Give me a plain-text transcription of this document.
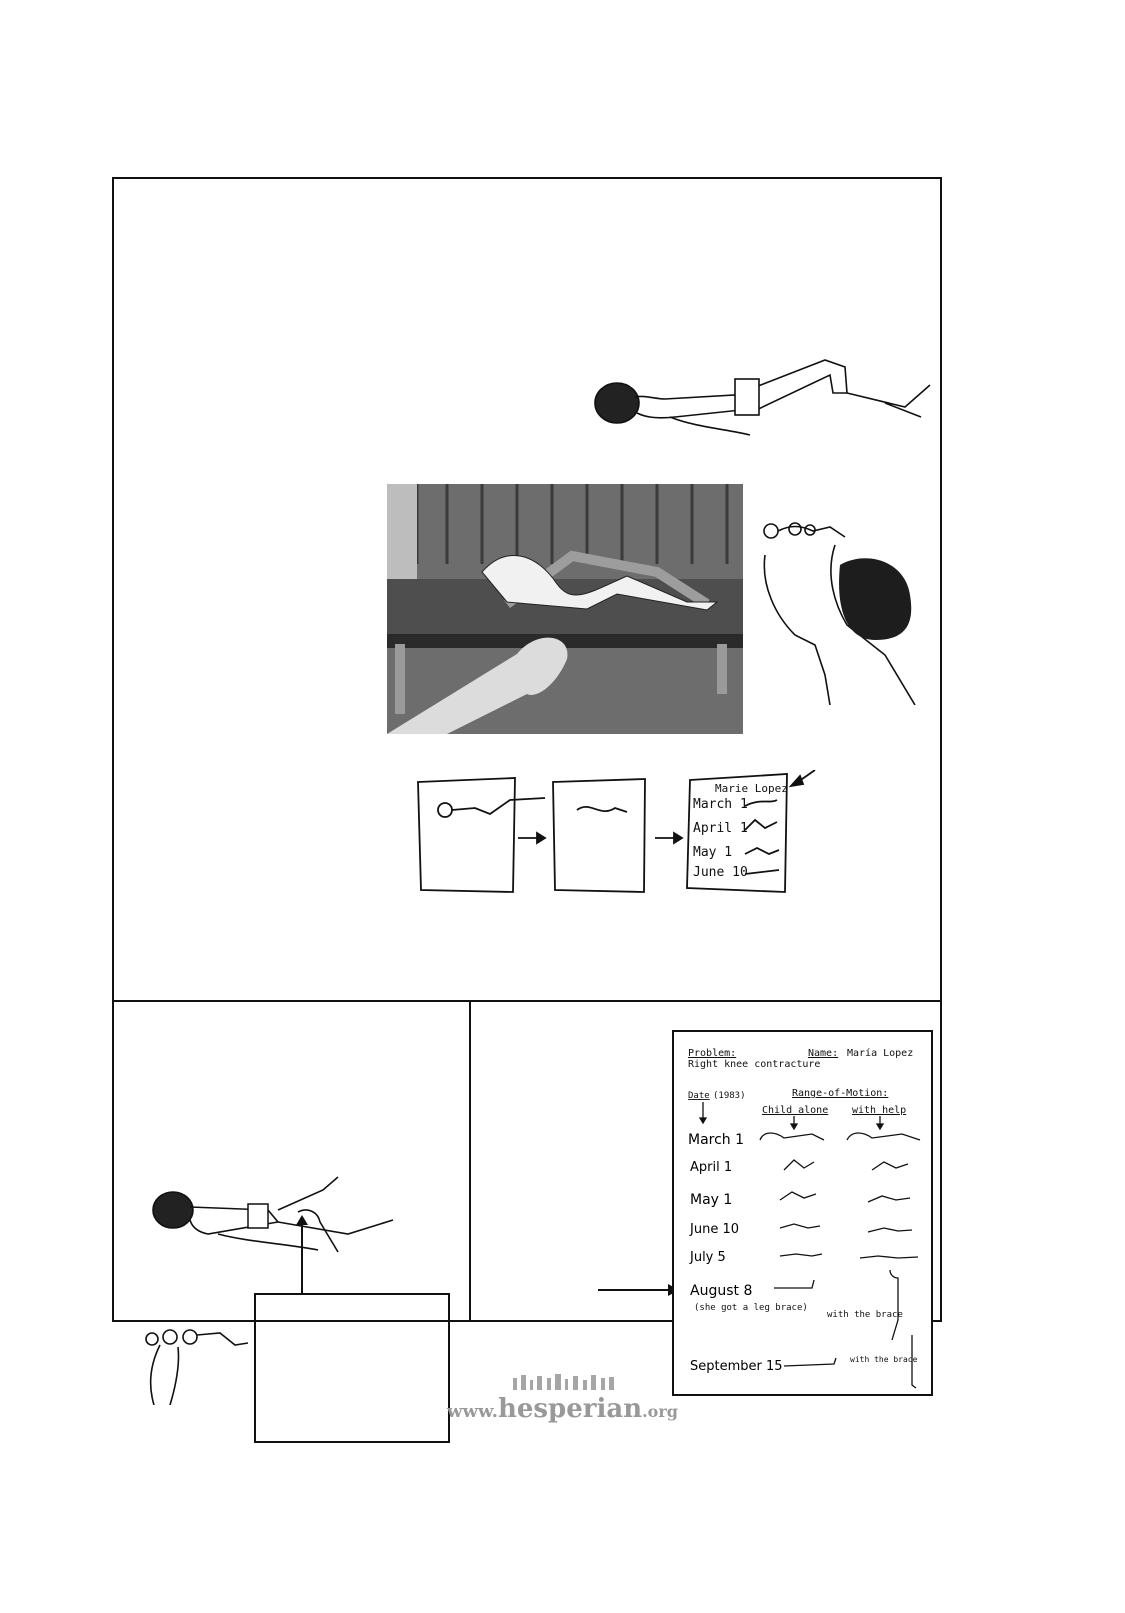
Marie Lopez
March 1
April 1
May 1
June 10
Problem:
Right knee contracture
Name: María Lopez
Date (1983)	Range-of-Motion:
Child alone with help
March 1
April 1
May 1
June 10
July 5
August 8
(she got a leg brace)
with the brace
September 15	with the brace
www.hesperian.org
